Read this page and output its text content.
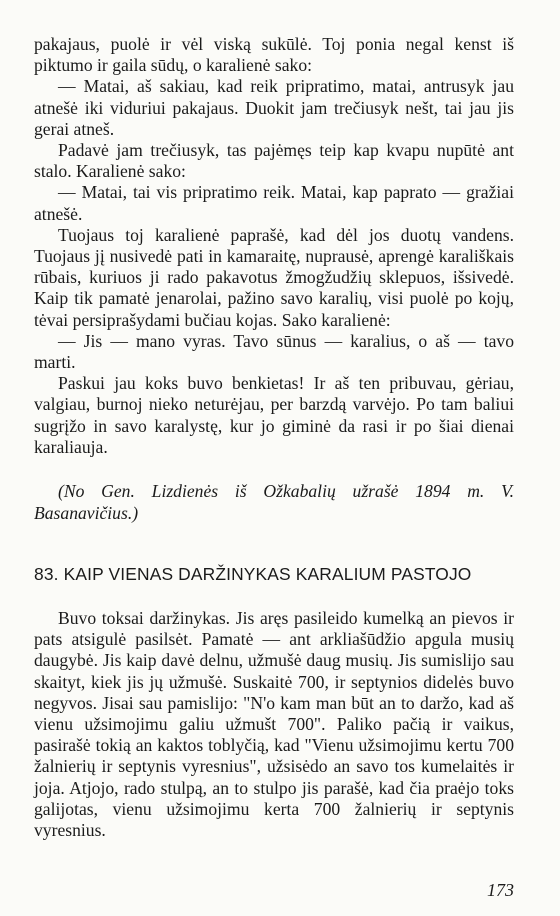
pakajaus, puolė ir vėl viską sukūlė. Toj ponia negal kenst iš piktumo ir gaila sūdų, o karalienė sako:

— Matai, aš sakiau, kad reik pripratimo, matai, antrusyk jau atnešė iki viduriui pakajaus. Duokit jam trečiusyk nešt, tai jau jis gerai atneš.

Padavė jam trečiusyk, tas pajėmęs teip kap kvapu nupūtė ant stalo. Karalienė sako:

— Matai, tai vis pripratimo reik. Matai, kap paprato — gražiai atnešė.

Tuojaus toj karalienė paprašė, kad dėl jos duotų vandens. Tuojaus jį nusivedė pati in kamaraitę, nuprausė, aprengė karališkais rūbais, kuriuos ji rado pakavotus žmogžudžių sklepuos, išsivedė. Kaip tik pamatė jenarolai, pažino savo karalių, visi puolė po kojų, tėvai persiprašydami bučiau kojas. Sako karalienė:

— Jis — mano vyras. Tavo sūnus — karalius, o aš — tavo marti.

Paskui jau koks buvo benkietas! Ir aš ten pribuvau, gėriau, valgiau, burnoj nieko neturėjau, per barzdą varvėjo. Po tam baliui sugrįžo in savo karalystę, kur jo giminė da rasi ir po šiai dienai karaliauja.

(No Gen. Lizdienės iš Ožkabalių užrašė 1894 m. V. Basanavičius.)
83. KAIP VIENAS DARŽINYKAS KARALIUM PASTOJO

Buvo toksai daržinykas. Jis aręs pasileido kumelką an pievos ir pats atsigulė pasilsėt. Pamatė — ant arkliašūdžio apgula musių daugybė. Jis kaip davė delnu, užmušė daug musių. Jis sumislijo sau skaityt, kiek jis jų užmušė. Suskaitė 700, ir septynios didelės buvo negyvos. Jisai sau pamislijo: "N'o kam man būt an to daržo, kad aš vienu užsimojimu galiu užmušt 700". Paliko pačią ir vaikus, pasirašė tokią an kaktos toblyčią, kad "Vienu užsimojimu kertu 700 žalnierių ir septynis vyresnius", užsisėdo an savo tos kumelaitės ir joja. Atjojo, rado stulpą, an to stulpo jis parašė, kad čia praėjo toks galijotas, vienu užsimojimu kerta 700 žalnierių ir septynis vyresnius.

173
